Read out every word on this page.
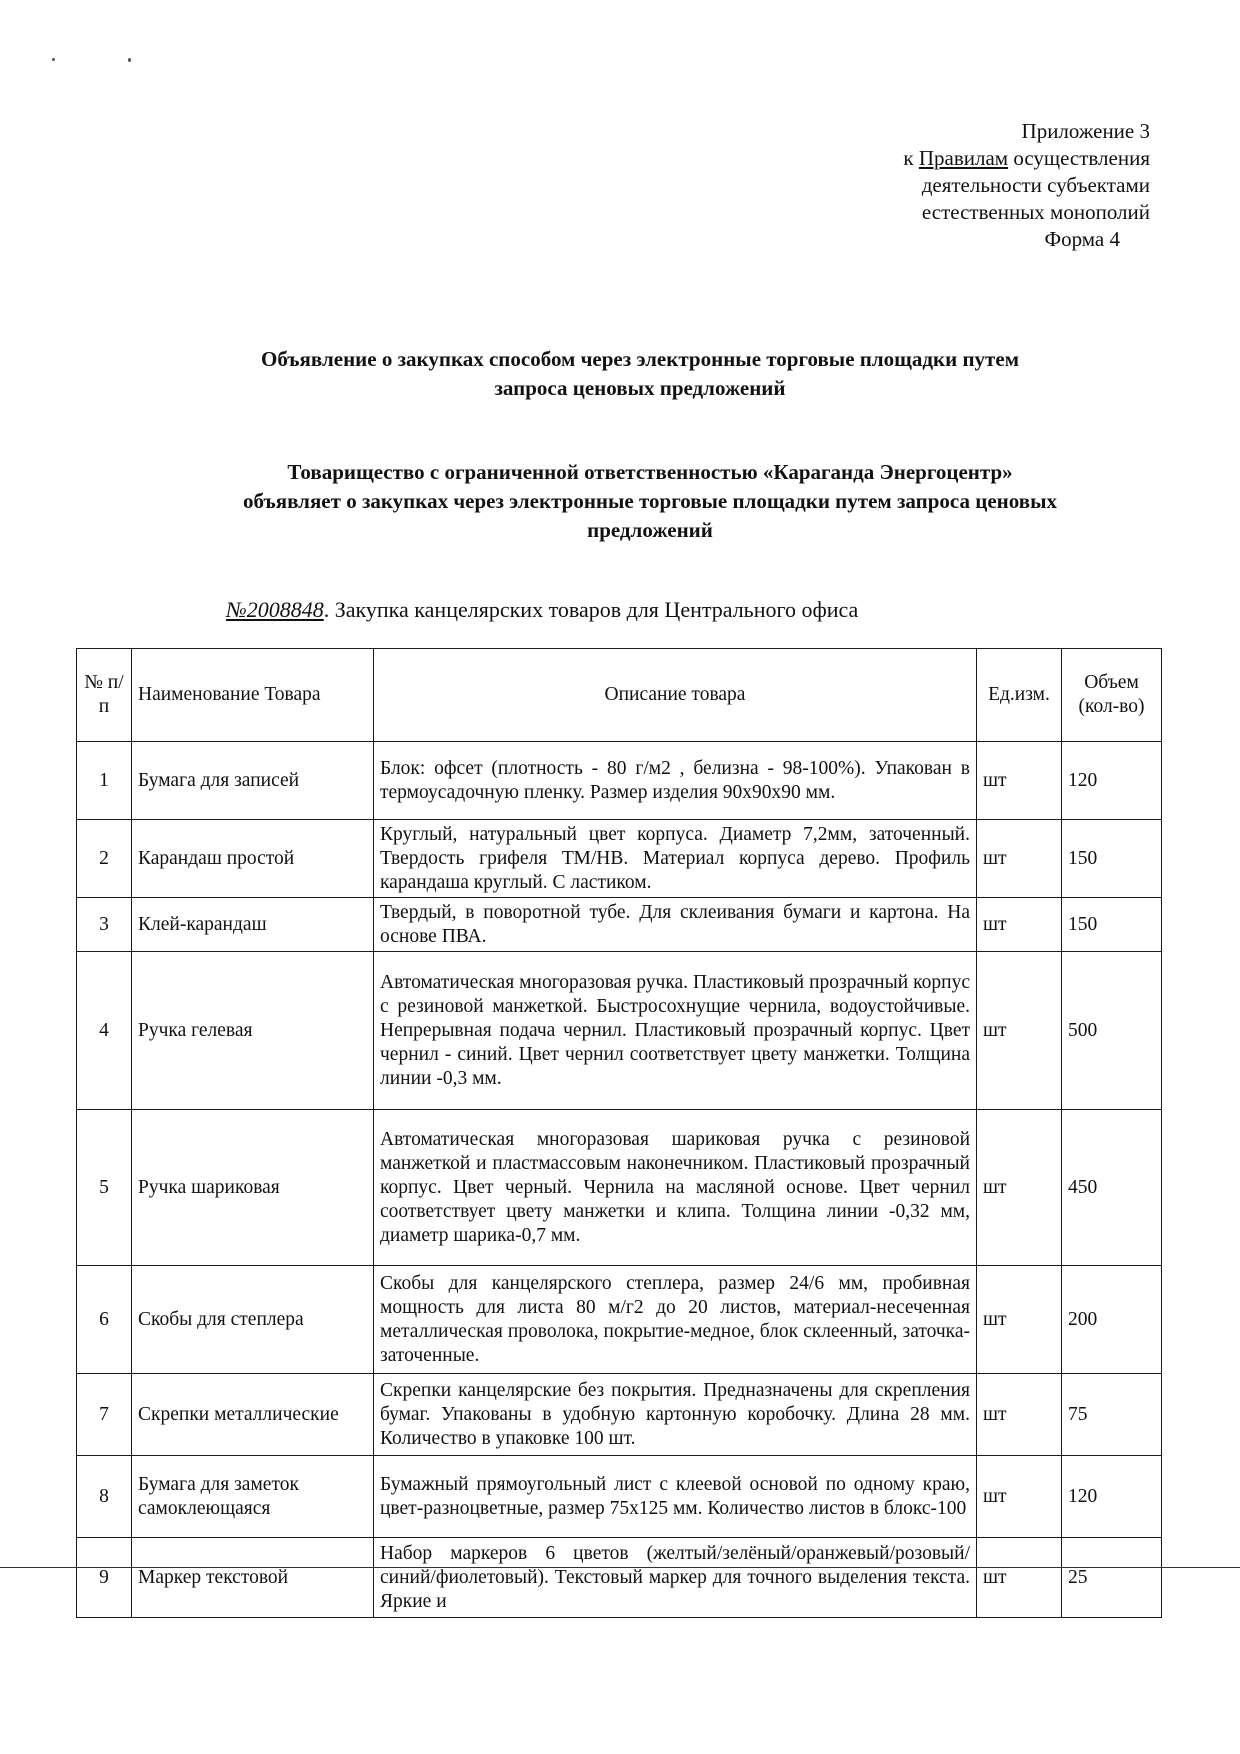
Приложение 3
к Правилам осуществления
деятельности субъектами
естественных монополий
Форма 4
Объявление о закупках способом через электронные торговые площадки путем
запроса ценовых предложений
Товарищество с ограниченной ответственностью «Караганда Энергоцентр»
объявляет о закупках через электронные торговые площадки путем запроса ценовых
предложений
№2008848. Закупка канцелярских товаров для Центрального офиса
№ п/п	Наименование Товара	Описание товара	Ед.изм.	Объем (кол-во)
1	Бумага для записей	Блок: офсет (плотность - 80 г/м2 , белизна - 98-100%). Упакован в термоусадочную пленку. Размер изделия 90х90х90 мм.	шт	120
2	Карандаш простой	Круглый, натуральный цвет корпуса. Диаметр 7,2мм, заточенный. Твердость грифеля ТМ/НВ. Материал корпуса дерево. Профиль карандаша круглый. С ластиком.	шт	150
3	Клей-карандаш	Твердый, в поворотной тубе. Для склеивания бумаги и картона. На основе ПВА.	шт	150
4	Ручка гелевая	Автоматическая многоразовая ручка. Пластиковый прозрачный корпус с резиновой манжеткой. Быстросохнущие чернила, водоустойчивые. Непрерывная подача чернил. Пластиковый прозрачный корпус. Цвет чернил - синий. Цвет чернил соответствует цвету манжетки. Толщина линии -0,3 мм.	шт	500
5	Ручка шариковая	Автоматическая многоразовая шариковая ручка с резиновой манжеткой и пластмассовым наконечником. Пластиковый прозрачный корпус. Цвет черный. Чернила на масляной основе. Цвет чернил соответствует цвету манжетки и клипа. Толщина линии -0,32 мм, диаметр шарика-0,7 мм.	шт	450
6	Скобы для степлера	Скобы для канцелярского степлера, размер 24/6 мм, пробивная мощность для листа 80 м/г2 до 20 листов, материал-несеченная металлическая проволока, покрытие-медное, блок склеенный, заточка- заточенные.	шт	200
7	Скрепки металлические	Скрепки канцелярские без покрытия. Предназначены для скрепления бумаг. Упакованы в удобную картонную коробочку. Длина 28 мм. Количество в упаковке 100 шт.	шт	75
8	Бумага для заметок самоклеющаяся	Бумажный прямоугольный лист с клеевой основой по одному краю, цвет-разноцветные, размер 75х125 мм. Количество листов в блокс-100	шт	120
9	Маркер текстовой	Набор маркеров 6 цветов (желтый/зелёный/оранжевый/розовый/синий/фиолетовый). Текстовый маркер для точного выделения текста. Яркие и	шт	25
